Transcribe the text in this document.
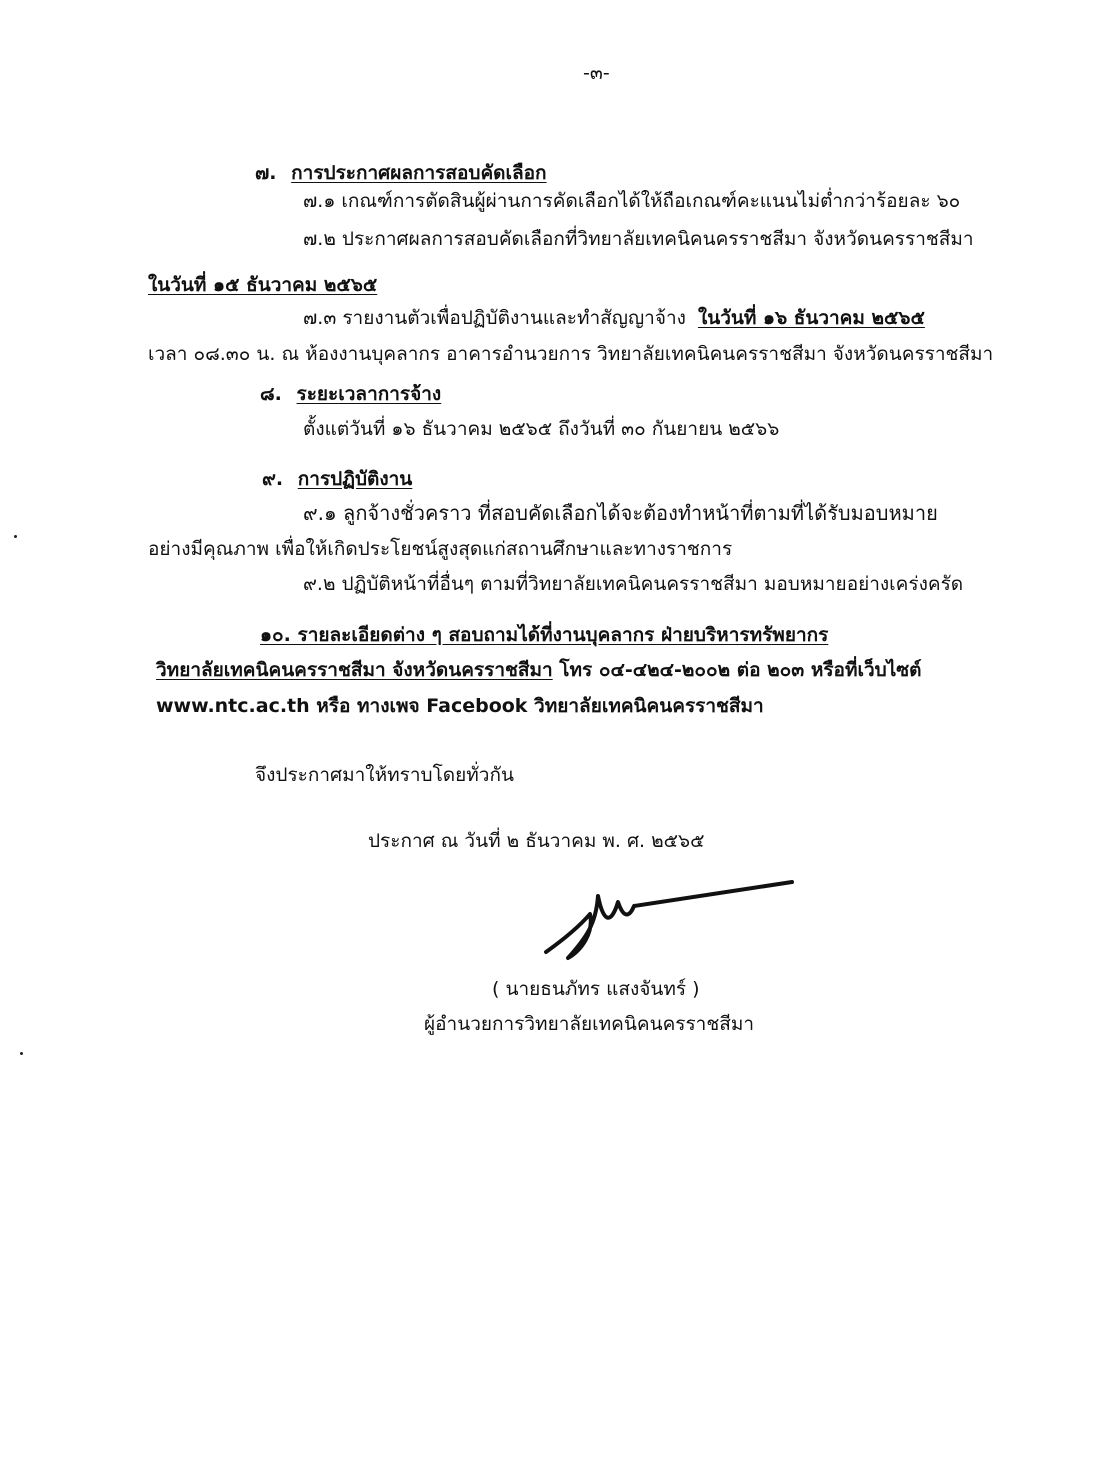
-๓-
๗. การประกาศผลการสอบคัดเลือก
๗.๑ เกณฑ์การตัดสินผู้ผ่านการคัดเลือกได้ให้ถือเกณฑ์คะแนนไม่ต่ำกว่าร้อยละ ๖๐
๗.๒ ประกาศผลการสอบคัดเลือกที่วิทยาลัยเทคนิคนครราชสีมา จังหวัดนครราชสีมา
ในวันที่ ๑๕ ธันวาคม ๒๕๖๕
๗.๓ รายงานตัวเพื่อปฏิบัติงานและทำสัญญาจ้าง ในวันที่ ๑๖ ธันวาคม ๒๕๖๕
เวลา ๐๘.๓๐ น. ณ ห้องงานบุคลากร อาคารอำนวยการ วิทยาลัยเทคนิคนครราชสีมา จังหวัดนครราชสีมา
๘. ระยะเวลาการจ้าง
ตั้งแต่วันที่ ๑๖ ธันวาคม ๒๕๖๕ ถึงวันที่ ๓๐ กันยายน ๒๕๖๖
๙. การปฏิบัติงาน
๙.๑ ลูกจ้างชั่วคราว ที่สอบคัดเลือกได้จะต้องทำหน้าที่ตามที่ได้รับมอบหมาย
อย่างมีคุณภาพ เพื่อให้เกิดประโยชน์สูงสุดแก่สถานศึกษาและทางราชการ
๙.๒ ปฏิบัติหน้าที่อื่นๆ ตามที่วิทยาลัยเทคนิคนครราชสีมา มอบหมายอย่างเคร่งครัด
๑๐. รายละเอียดต่าง ๆ สอบถามได้ที่งานบุคลากร ฝ่ายบริหารทรัพยากร
วิทยาลัยเทคนิคนครราชสีมา จังหวัดนครราชสีมา โทร ๐๔-๔๒๔-๒๐๐๒ ต่อ ๒๐๓ หรือที่เว็บไซต์
www.ntc.ac.th หรือ ทางเพจ Facebook วิทยาลัยเทคนิคนครราชสีมา
จึงประกาศมาให้ทราบโดยทั่วกัน
ประกาศ ณ วันที่ ๒ ธันวาคม พ. ศ. ๒๕๖๕
( นายธนภัทร แสงจันทร์ )
ผู้อำนวยการวิทยาลัยเทคนิคนครราชสีมา
